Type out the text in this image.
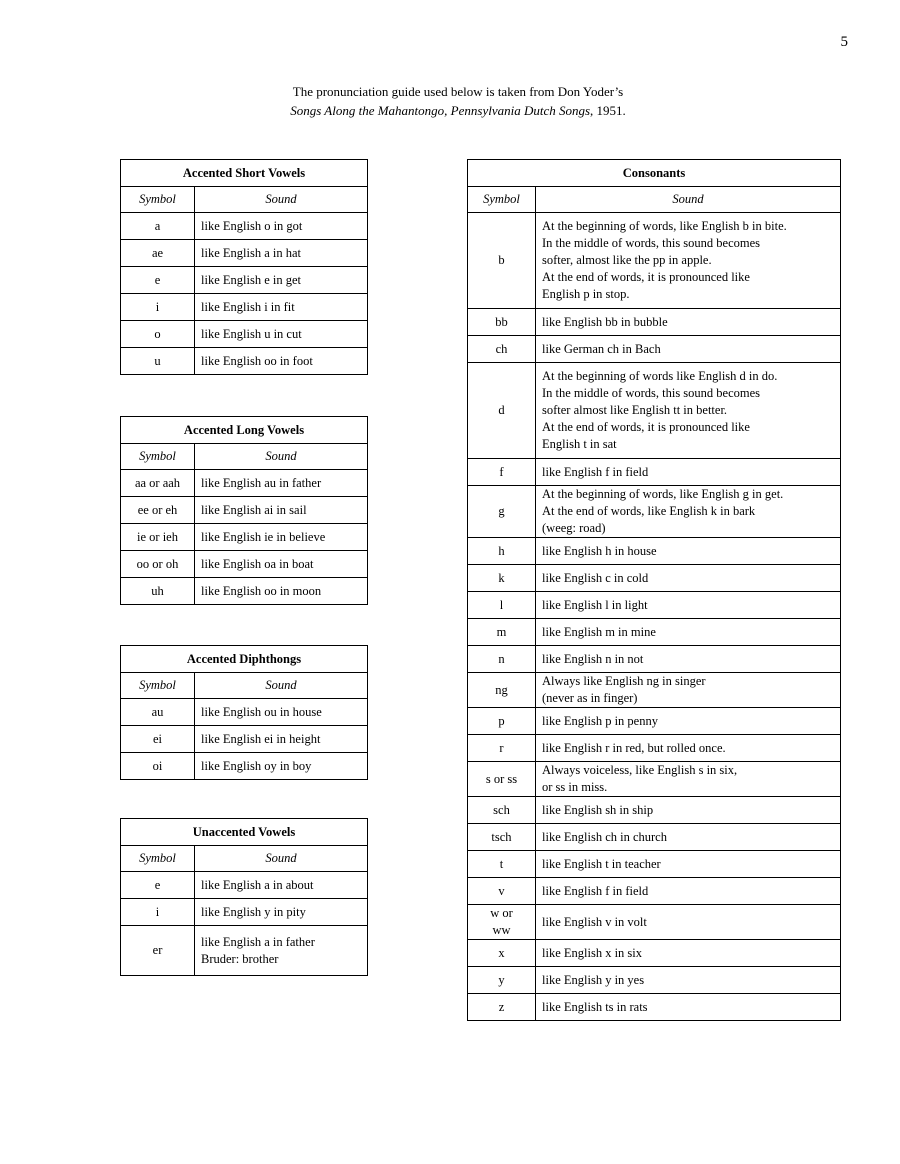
5
The pronunciation guide used below is taken from Don Yoder’s
Songs Along the Mahantongo, Pennsylvania Dutch Songs, 1951.
Accented Short Vowels	
Symbol	Sound
a	like English o in got
ae	like English a in hat
e	like English e in get
i	like English i in fit
o	like English u in cut
u	like English oo in foot
Accented Long Vowels	
Symbol	Sound
aa or aah	like English au in father
ee or eh	like English ai in sail
ie or ieh	like English ie in believe
oo or oh	like English oa in boat
uh	like English oo in moon
Accented Diphthongs	
Symbol	Sound
au	like English ou in house
ei	like English ei in height
oi	like English oy in boy
Unaccented Vowels	
Symbol	Sound
e	like English a in about
i	like English y in pity
er	like English a in father
Bruder: brother
Consonants	
Symbol	Sound
b	At the beginning of words, like English b in bite.
In the middle of words, this sound becomes
softer, almost like the pp in apple.
At the end of words, it is pronounced like
English p in stop.
bb	like English bb in bubble
ch	like German ch in Bach
d	At the beginning of words like English d in do.
In the middle of words, this sound becomes
softer almost like English tt in better.
At the end of words, it is pronounced like
English t in sat
f	like English f in field
g	At the beginning of words, like English g in get.
At the end of words, like English k in bark
(weeg: road)
h	like English h in house
k	like English c in cold
l	like English l in light
m	like English m in mine
n	like English n in not
ng	Always like English ng in singer
(never as in finger)
p	like English p in penny
r	like English r in red, but rolled once.
s or ss	Always voiceless, like English s in six,
or ss in miss.
sch	like English sh in ship
tsch	like English ch in church
t	like English t in teacher
v	like English f in field
w or
ww	like English v in volt
x	like English x in six
y	like English y in yes
z	like English ts in rats
